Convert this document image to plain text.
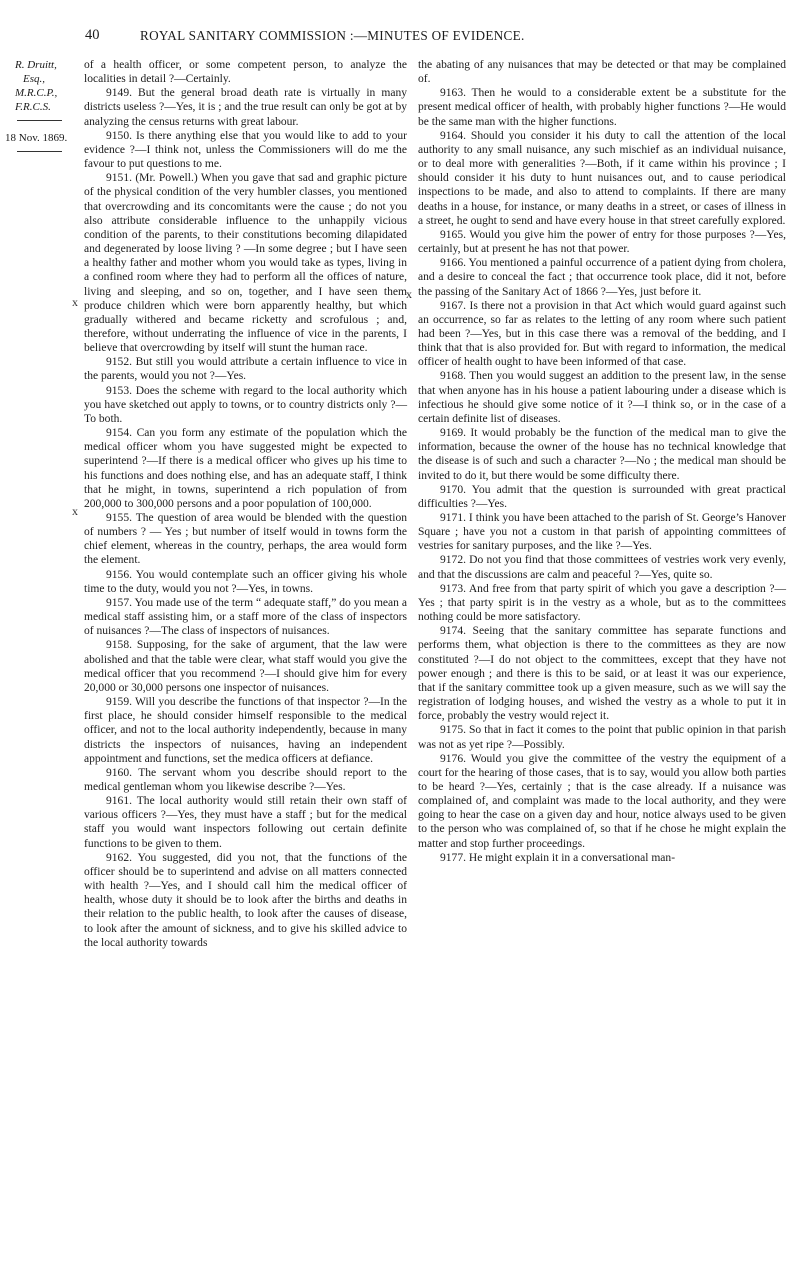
40	ROYAL SANITARY COMMISSION :—MINUTES OF EVIDENCE.
R. Druitt,
Esq.,
M.R.C.P.,
F.R.C.S.
18 Nov. 1869.
x
x
x

of a health officer, or some competent person, to analyze the localities in detail ?—Certainly.

9149. But the general broad death rate is virtually in many districts useless ?—Yes, it is ; and the true result can only be got at by analyzing the census returns with great labour.

9150. Is there anything else that you would like to add to your evidence ?—I think not, unless the Commissioners will do me the favour to put questions to me.

9151. (Mr. Powell.) When you gave that sad and graphic picture of the physical condition of the very humbler classes, you mentioned that overcrowding and its concomitants were the cause ; do not you also attribute considerable influence to the unhappily vicious condition of the parents, to their constitutions becoming dilapidated and degenerated by loose living ? —In some degree ; but I have seen a healthy father and mother whom you would take as types, living in a confined room where they had to perform all the offices of nature, living and sleeping, and so on, together, and I have seen them produce children which were born apparently healthy, but which gradually withered and became ricketty and scrofulous ; and, therefore, without underrating the influence of vice in the parents, I believe that overcrowding by itself will stunt the human race.

9152. But still you would attribute a certain influence to vice in the parents, would you not ?—Yes.

9153. Does the scheme with regard to the local authority which you have sketched out apply to towns, or to country districts only ?—To both.

9154. Can you form any estimate of the population which the medical officer whom you have suggested might be expected to superintend ?—If there is a medical officer who gives up his time to his functions and does nothing else, and has an adequate staff, I think that he might, in towns, superintend a rich population of from 200,000 to 300,000 persons and a poor population of 100,000.

9155. The question of area would be blended with the question of numbers ? — Yes ; but number of itself would in towns form the chief element, whereas in the country, perhaps, the area would form the element.

9156. You would contemplate such an officer giving his whole time to the duty, would you not ?—Yes, in towns.

9157. You made use of the term “ adequate staff,” do you mean a medical staff assisting him, or a staff more of the class of inspectors of nuisances ?—The class of inspectors of nuisances.

9158. Supposing, for the sake of argument, that the law were abolished and that the table were clear, what staff would you give the medical officer that you recommend ?—I should give him for every 20,000 or 30,000 persons one inspector of nuisances.

9159. Will you describe the functions of that inspector ?—In the first place, he should consider himself responsible to the medical officer, and not to the local authority independently, because in many districts the inspectors of nuisances, having an independent appointment and functions, set the medica officers at defiance.

9160. The servant whom you describe should report to the medical gentleman whom you likewise describe ?—Yes.

9161. The local authority would still retain their own staff of various officers ?—Yes, they must have a staff ; but for the medical staff you would want inspectors following out certain definite functions to be given to them.

9162. You suggested, did you not, that the functions of the officer should be to superintend and advise on all matters connected with health ?—Yes, and I should call him the medical officer of health, whose duty it should be to look after the births and deaths in their relation to the public health, to look after the causes of disease, to look after the amount of sickness, and to give his skilled advice to the local authority towards

the abating of any nuisances that may be detected or that may be complained of.

9163. Then he would to a considerable extent be a substitute for the present medical officer of health, with probably higher functions ?—He would be the same man with the higher functions.

9164. Should you consider it his duty to call the attention of the local authority to any small nuisance, any such mischief as an individual nuisance, or to deal more with generalities ?—Both, if it came within his province ; I should consider it his duty to hunt nuisances out, and to cause periodical inspections to be made, and also to attend to complaints. If there are many deaths in a house, for instance, or many deaths in a street, or cases of illness in a street, he ought to send and have every house in that street carefully explored.

9165. Would you give him the power of entry for those purposes ?—Yes, certainly, but at present he has not that power.

9166. You mentioned a painful occurrence of a patient dying from cholera, and a desire to conceal the fact ; that occurrence took place, did it not, before the passing of the Sanitary Act of 1866 ?—Yes, just before it.

9167. Is there not a provision in that Act which would guard against such an occurrence, so far as relates to the letting of any room where such patient had been ?—Yes, but in this case there was a removal of the bedding, and I think that that is also provided for. But with regard to information, the medical officer of health ought to have been informed of that case.

9168. Then you would suggest an addition to the present law, in the sense that when anyone has in his house a patient labouring under a disease which is infectious he should give some notice of it ?—I think so, or in the case of a certain definite list of diseases.

9169. It would probably be the function of the medical man to give the information, because the owner of the house has no technical knowledge that the disease is of such and such a character ?—No ; the medical man should be invited to do it, but there would be some difficulty there.

9170. You admit that the question is surrounded with great practical difficulties ?—Yes.

9171. I think you have been attached to the parish of St. George’s Hanover Square ; have you not a custom in that parish of appointing committees of vestries for sanitary purposes, and the like ?—Yes.

9172. Do not you find that those committees of vestries work very evenly, and that the discussions are calm and peaceful ?—Yes, quite so.

9173. And free from that party spirit of which you gave a description ?—Yes ; that party spirit is in the vestry as a whole, but as to the committees nothing could be more satisfactory.

9174. Seeing that the sanitary committee has separate functions and performs them, what objection is there to the committees as they are now constituted ?—I do not object to the committees, except that they have not power enough ; and there is this to be said, or at least it was our experience, that if the sanitary committee took up a given measure, such as we will say the registration of lodging houses, and wished the vestry as a whole to put it in force, probably the vestry would reject it.

9175. So that in fact it comes to the point that public opinion in that parish was not as yet ripe ?—Possibly.

9176. Would you give the committee of the vestry the equipment of a court for the hearing of those cases, that is to say, would you allow both parties to be heard ?—Yes, certainly ; that is the case already. If a nuisance was complained of, and complaint was made to the local authority, and they were going to hear the case on a given day and hour, notice always used to be given to the person who was complained of, so that if he chose he might explain the matter and stop further proceedings.

9177. He might explain it in a conversational man-
